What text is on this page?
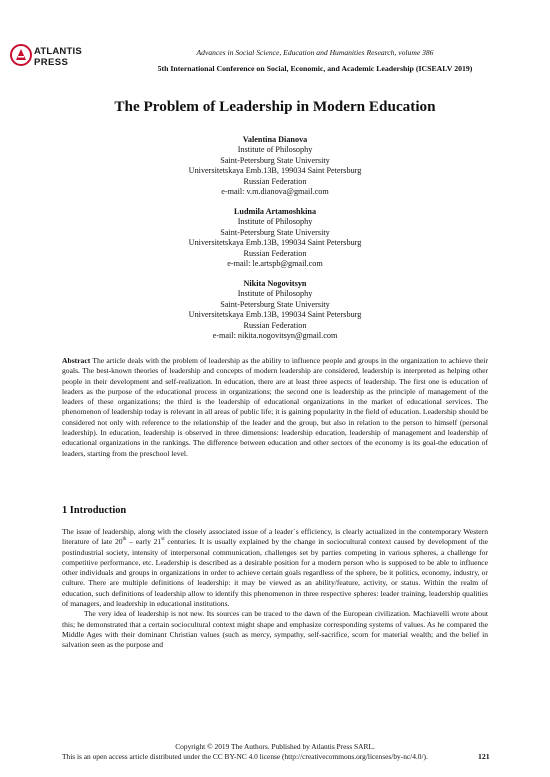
ATLANTIS
PRESS
Advances in Social Science, Education and Humanities Research, volume 386
5th International Conference on Social, Economic, and Academic Leadership (ICSEALV 2019)
The Problem of Leadership in Modern Education
Valentina Dianova
Institute of Philosophy
Saint-Petersburg State University
Universitetskaya Emb.13B, 199034 Saint Petersburg
Russian Federation
e-mail: v.m.dianova@gmail.com
Ludmila Artamoshkina
Institute of Philosophy
Saint-Petersburg State University
Universitetskaya Emb.13B, 199034 Saint Petersburg
Russian Federation
e-mail: le.artspb@gmail.com
Nikita Nogovitsyn
Institute of Philosophy
Saint-Petersburg State University
Universitetskaya Emb.13B, 199034 Saint Petersburg
Russian Federation
e-mail: nikita.nogovitsyn@gmail.com
Abstract The article deals with the problem of leadership as the ability to influence people and groups in the organization to achieve their goals. The best-known theories of leadership and concepts of modern leadership are considered, leadership is interpreted as helping other people in their development and self-realization. In education, there are at least three aspects of leadership. The first one is education of leaders as the purpose of the educational process in organizations; the second one is leadership as the principle of management of the leaders of these organizations; the third is the leadership of educational organizations in the market of educational services. The phenomenon of leadership today is relevant in all areas of public life; it is gaining popularity in the field of education. Leadership should be considered not only with reference to the relationship of the leader and the group, but also in relation to the person to himself (personal leadership). In education, leadership is observed in three dimensions: leadership education, leadership of management and leadership of educational organizations in the rankings. The difference between education and other sectors of the economy is its goal-the education of leaders, starting from the preschool level.
1 Introduction

The issue of leadership, along with the closely associated issue of a leader`s efficiency, is clearly actualized in the contemporary Western literature of late 20th – early 21st centuries. It is usually explained by the change in sociocultural context caused by development of the postindustrial society, intensity of interpersonal communication, challenges set by parties competing in various spheres, a challenge for competitive performance, etc. Leadership is described as a desirable position for a modern person who is supposed to be able to influence other individuals and groups in organizations in order to achieve certain goals regardless of the sphere, be it politics, economy, industry, or culture. There are multiple definitions of leadership: it may be viewed as an ability/feature, activity, or status. Within the realm of education, such definitions of leadership allow to identify this phenomenon in three respective spheres: leader training, leadership qualities of managers, and leadership in educational institutions.

The very idea of leadership is not new. Its sources can be traced to the dawn of the European civilization. Machiavelli wrote about this; he demonstrated that a certain sociocultural context might shape and emphasize corresponding systems of values. As he compared the Middle Ages with their dominant Christian values (such as mercy, sympathy, self-sacrifice, scorn for material wealth; and the belief in salvation seen as the purpose and

Copyright © 2019 The Authors. Published by Atlantis Press SARL.
This is an open access article distributed under the CC BY-NC 4.0 license (http://creativecommons.org/licenses/by-nc/4.0/).	121
